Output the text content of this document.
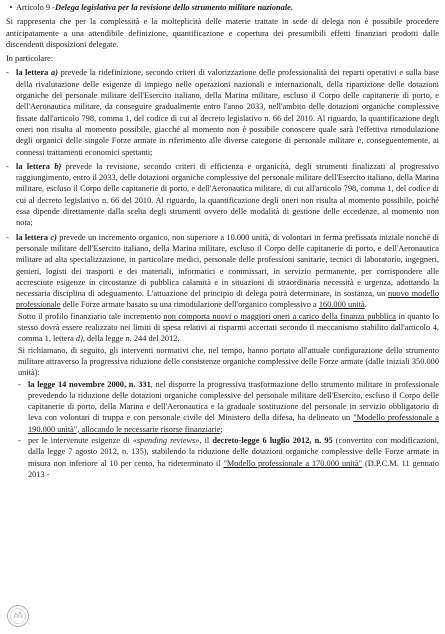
• Articolo 9 - Delega legislativa per la revisione dello strumento militare nazionale.

Si rappresenta che per la complessità e la molteplicità delle materie trattate in sede di delega non è possibile procedere anticipatamente a una attendibile definizione, quantificazione e copertura dei presumibili effetti finanziari prodotti dalle discendenti disposizioni delegate.

In particolare:

- la lettera a) prevede la ridefinizione, secondo criteri di valorizzazione delle professionalità dei reparti operativi e sulla base della rivalutazione delle esigenze di impiego nelle operazioni nazionali e internazionali, della ripartizione delle dotazioni organiche del personale militare dell'Esercito italiano, della Marina militare, escluso il Corpo delle capitanerie di porto, e dell'Aeronautica militare, da conseguire gradualmente entro l'anno 2033, nell'ambito delle dotazioni organiche complessive fissate dall'articolo 798, comma 1, del codice di cui al decreto legislativo n. 66 del 2010. Al riguardo, la quantificazione degli oneri non risulta al momento possibile, giacché al momento non è possibile conoscere quale sarà l'effettiva rimodulazione degli organici delle singole Forze armate in riferimento alle diverse categorie di personale militare e, conseguentemente, ai connessi trattamenti economici spettanti;
- la lettera b) prevede la revisione, secondo criteri di efficienza e organicità, degli strumenti finalizzati al progressivo raggiungimento, entro il 2033, delle dotazioni organiche complessive del personale militare dell'Esercito italiano, della Marina militare, escluso il Corpo delle capitanerie di porto, e dell'Aeronautica militare, di cui all'articolo 798, comma 1, del codice di cui al decreto legislativo n. 66 del 2010. Al riguardo, la quantificazione degli oneri non risulta al momento possibile, poiché essa dipende direttamente dalla scelta degli strumenti ovvero delle modalità di gestione delle eccedenze, al momento non nota;
- la lettera c) prevede un incremento organico, non superiore a 10.000 unità, di volontari in ferma prefissata iniziale nonché di personale militare dell'Esercito italiano, della Marina militare, escluso il Corpo delle capitanerie di porto, e dell'Aeronautica militare ad alta specializzazione, in particolare medici, personale delle professioni sanitarie, tecnici di laboratorio, ingegneri, genieri, logisti dei trasporti e dei materiali, informatici e commissari, in servizio permanente, per corrispondere alle accresciute esigenze in circostanze di pubblica calamità e in situazioni di straordinaria necessità e urgenza, adottando la necessaria disciplina di adeguamento. L'attuazione del principio di delega potrà determinare, in sostanza, un nuovo modello professionale delle Forze armate basato su una rimodulazione dell'organico complessivo a 160.000 unità.

Sotto il profilo finanziario tale incremento non comporta nuovi o maggiori oneri a carico della finanza pubblica in quanto lo stesso dovrà essere realizzato nei limiti di spesa relativi ai risparmi accertati secondo il meccanismo stabilito dall'articolo 4, comma 1, lettera d), della legge n. 244 del 2012.

Si richiamano, di seguito, gli interventi normativi che, nel tempo, hanno portato all'attuale configurazione dello strumento militare attraverso la progressiva riduzione delle consistenze organiche complessive delle Forze armate (dalle iniziali 350.000 unità):

- la legge 14 novembre 2000, n. 331, nel disporre la progressiva trasformazione dello strumento militare in professionale prevedendo la riduzione delle dotazioni organiche complessive del personale militare dell'Esercito, escluso il Corpo delle capitanerie di porto, della Marina e dell'Aeronautica e la graduale sostituzione del personale in servizio obbligatorio di leva con volontari di truppa e con personale civile del Ministero della difesa, ha delineato un "Modello professionale a 190.000 unità", allocando le necessarie risorse finanziarie;
- per le intervenute esigenze di «spending reviews», il decreto-legge 6 luglio 2012, n. 95 (convertito con modificazioni, dalla legge 7 agosto 2012, n. 135), stabilendo la riduzione delle dotazioni organiche complessive delle Forze armate in misura non inferiore al 10 per cento, ha rideterminato il "Modello professionale a 170.000 unità" (D.P.C.M. 11 gennaio 2013 -
